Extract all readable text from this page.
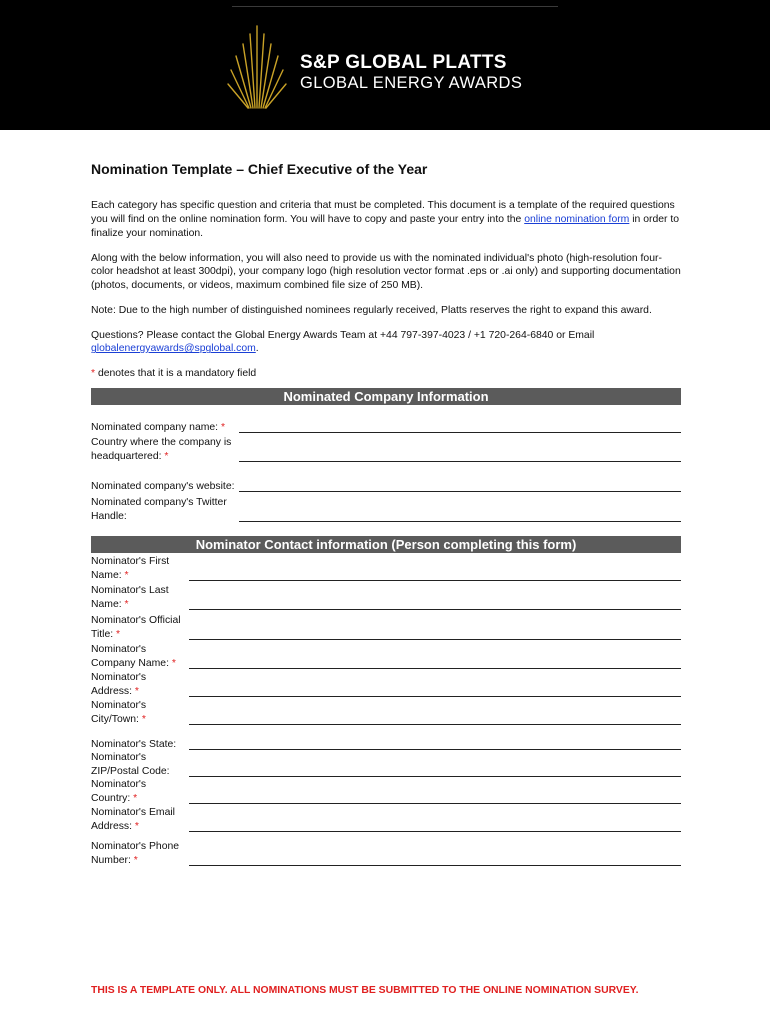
S&P GLOBAL PLATTS
GLOBAL ENERGY AWARDS
Nomination Template – Chief Executive of the Year

Each category has specific question and criteria that must be completed. This document is a template of the required questions you will find on the online nomination form. You will have to copy and paste your entry into the online nomination form in order to finalize your nomination.

Along with the below information, you will also need to provide us with the nominated individual's photo (high-resolution four-color headshot at least 300dpi), your company logo (high resolution vector format .eps or .ai only) and supporting documentation (photos, documents, or videos, maximum combined file size of 250 MB).

Note: Due to the high number of distinguished nominees regularly received, Platts reserves the right to expand this award.

Questions? Please contact the Global Energy Awards Team at +44 797-397-4023 / +1 720-264-6840 or Email globalenergyawards@spglobal.com.

* denotes that it is a mandatory field

Nominated Company Information
Nominated company name: *
Country where the company is headquartered: *
Nominated company's website:
Nominated company's Twitter Handle:
Nominator Contact information (Person completing this form)
Nominator's First Name: *
Nominator's Last Name: *
Nominator's Official Title: *
Nominator's Company Name: *
Nominator's Address: *
Nominator's City/Town: *
Nominator's State:
Nominator's ZIP/Postal Code:
Nominator's Country: *
Nominator's Email Address: *
Nominator's Phone Number: *
THIS IS A TEMPLATE ONLY. ALL NOMINATIONS MUST BE SUBMITTED TO THE ONLINE NOMINATION SURVEY.
